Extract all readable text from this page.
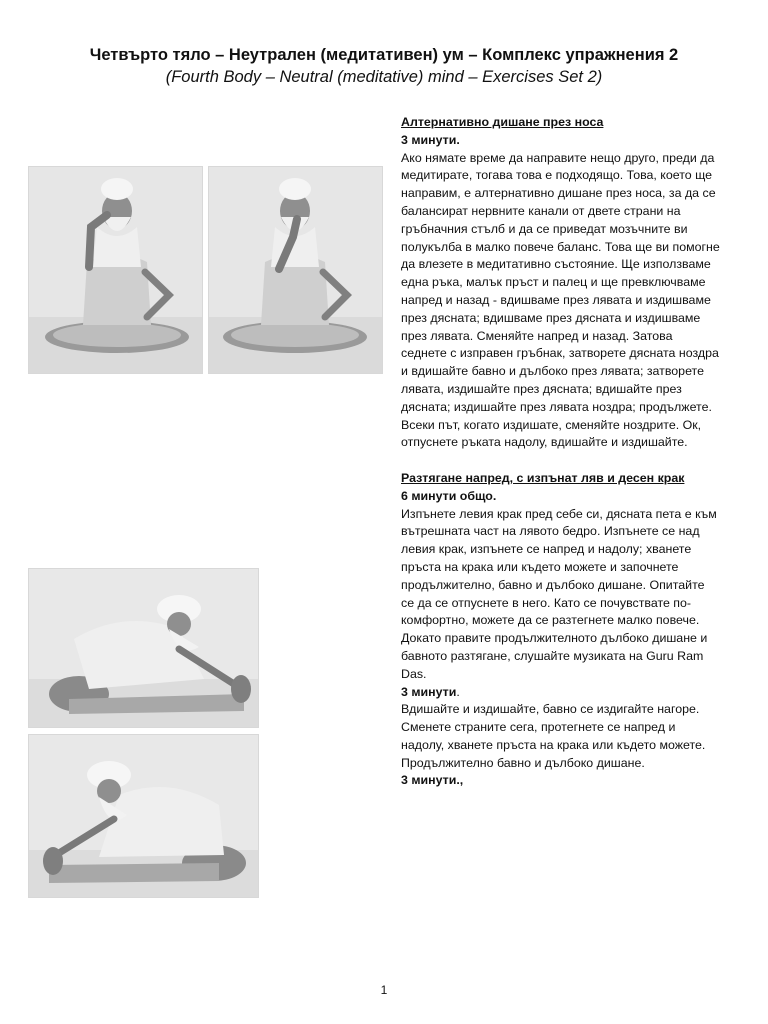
Четвърто тяло – Неутрален (медитативен) ум – Комплекс упражнения 2
(Fourth Body – Neutral (meditative) mind – Exercises Set 2)

Алтернативно дишане през носа

3 минути.

Ако нямате време да направите нещо друго, преди да медитирате, тогава това е подходящо. Това, което ще направим, е алтернативно дишане през носа, за да се балансират нервните канали от двете страни на гръбначния стълб и да се приведат мозъчните ви полукълба в малко повече баланс. Това ще ви помогне да влезете в медитативно състояние. Ще използваме една ръка, малък пръст и палец и ще превключваме напред и назад - вдишваме през лявата и издишваме през дясната; вдишваме през дясната и издишваме през лявата. Сменяйте напред и назад. Затова седнете с изправен гръбнак, затворете дясната ноздра и вдишайте бавно и дълбоко през лявата; затворете лявата, издишайте през дясната; вдишайте през дясната; издишайте през лявата ноздра; продължете. Всеки път, когато издишате, сменяйте ноздрите. Ок, отпуснете ръката надолу, вдишайте и издишайте.

Разтягане напред, с изпънат ляв и десен крак

6 минути общо.

Изпънете левия крак пред себе си, дясната пета е към вътрешната част на лявото бедро. Изпънете се над левия крак, изпънете се напред и надолу; хванете пръста на крака или където можете и започнете продължително, бавно и дълбоко дишане. Опитайте се да се отпуснете в него. Като се почувствате по-комфортно, можете да се разтегнете малко повече. Докато правите продължителното дълбоко дишане и бавното разтягане, слушайте музиката на Guru Ram Das.

3 минути.

Вдишайте и издишайте, бавно се издигайте нагоре. Сменете страните сега, протегнете се напред и надолу, хванете пръста на крака или където можете. Продължително бавно и дълбоко дишане.

3 минути.,

1
